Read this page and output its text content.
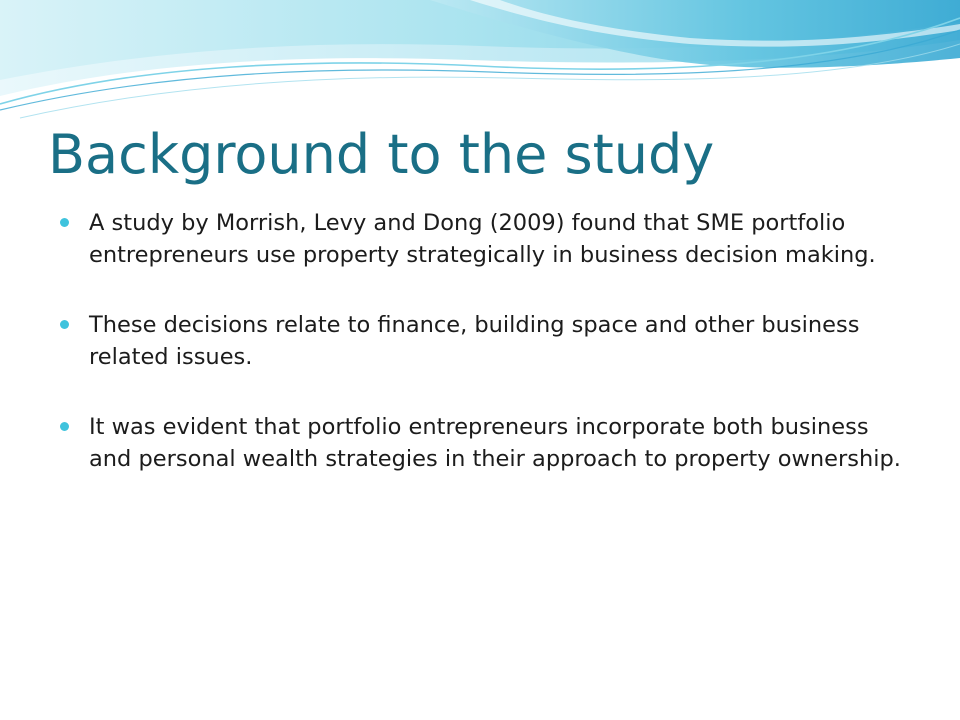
Background to the study
A study by Morrish, Levy and Dong (2009) found that SME portfolio entrepreneurs use property strategically in business decision making.
These decisions relate to finance, building space and other business related issues.
It was evident that portfolio entrepreneurs incorporate both business and personal wealth strategies in their approach to property ownership.
